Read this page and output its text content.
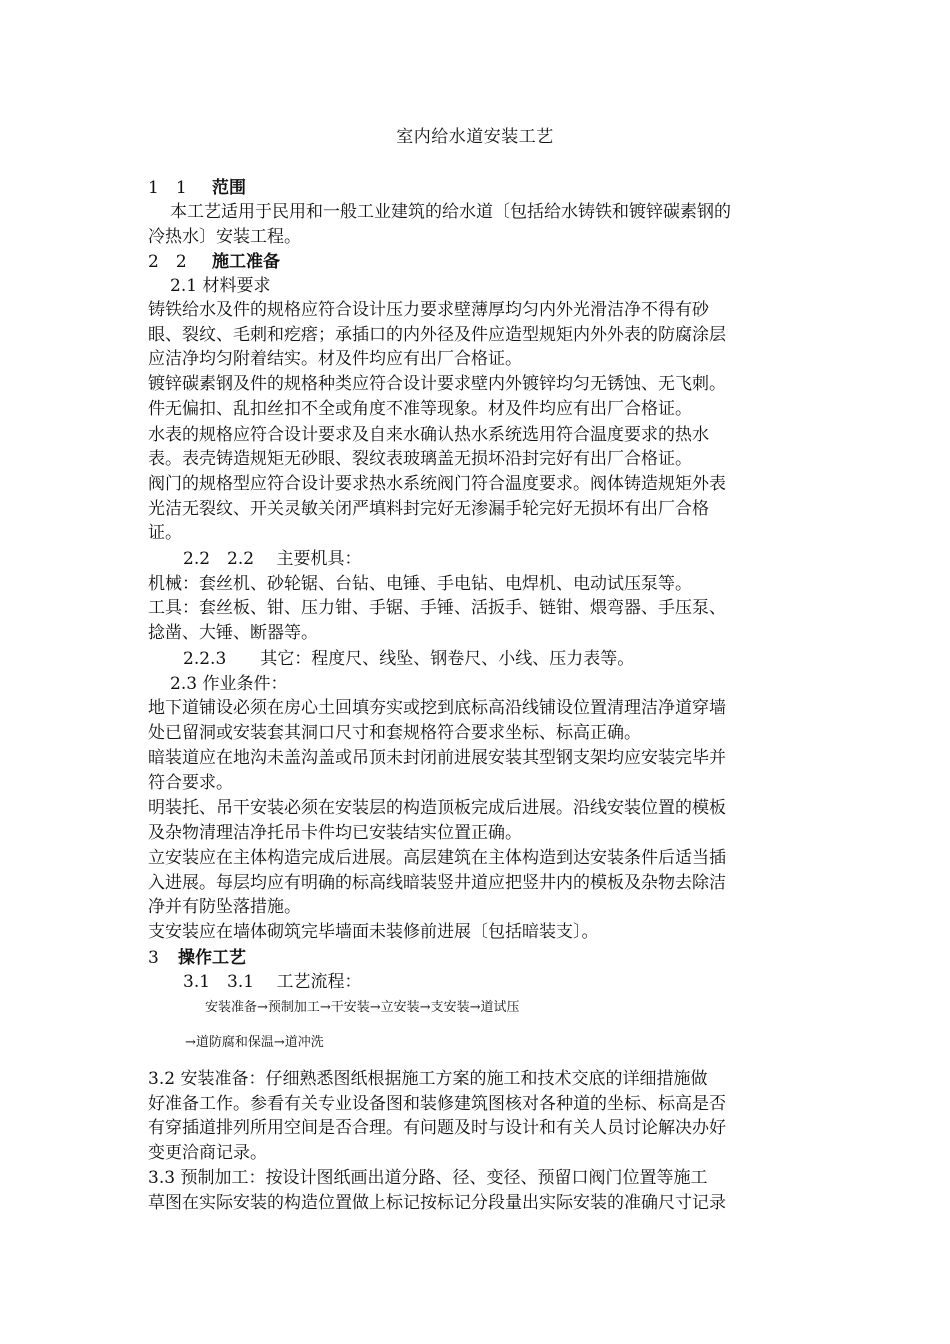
室内给水道安装工艺
1　1 范围
本工艺适用于民用和一般工业建筑的给水道〔包括给水铸铁和镀锌碳素钢的
冷热水〕安装工程。
2　2 施工准备
2.1 材料要求
铸铁给水及件的规格应符合设计压力要求壁薄厚均匀内外光滑洁净不得有砂
眼、裂纹、毛刺和疙瘩；承插口的内外径及件应造型规矩内外外表的防腐涂层
应洁净均匀附着结实。材及件均应有出厂合格证。
镀锌碳素钢及件的规格种类应符合设计要求壁内外镀锌均匀无锈蚀、无飞刺。
件无偏扣、乱扣丝扣不全或角度不准等现象。材及件均应有出厂合格证。
水表的规格应符合设计要求及自来水确认热水系统选用符合温度要求的热水
表。表壳铸造规矩无砂眼、裂纹表玻璃盖无损坏沿封完好有出厂合格证。
阀门的规格型应符合设计要求热水系统阀门符合温度要求。阀体铸造规矩外表
光洁无裂纹、开关灵敏关闭严填料封完好无渗漏手轮完好无损坏有出厂合格
证。
2.2　2.2　 主要机具：
机械：套丝机、砂轮锯、台钻、电锤、手电钻、电焊机、电动试压泵等。
工具：套丝板、钳、压力钳、手锯、手锤、活扳手、链钳、煨弯器、手压泵、
捻凿、大锤、断器等。
2.2.3　　其它：程度尺、线坠、钢卷尺、小线、压力表等。
2.3 作业条件：
地下道铺设必须在房心土回填夯实或挖到底标高沿线铺设位置清理洁净道穿墙
处已留洞或安装套其洞口尺寸和套规格符合要求坐标、标高正确。
暗装道应在地沟未盖沟盖或吊顶未封闭前进展安装其型钢支架均应安装完毕并
符合要求。
明装托、吊干安装必须在安装层的构造顶板完成后进展。沿线安装位置的模板
及杂物清理洁净托吊卡件均已安装结实位置正确。
立安装应在主体构造完成后进展。高层建筑在主体构造到达安装条件后适当插
入进展。每层均应有明确的标高线暗装竖井道应把竖井内的模板及杂物去除洁
净并有防坠落措施。
支安装应在墙体砌筑完毕墙面未装修前进展〔包括暗装支〕。
3 操作工艺
3.1　3.1　 工艺流程：
安装准备→预制加工→干安装→立安装→支安装→道试压
→道防腐和保温→道冲洗
3.2 安装准备：仔细熟悉图纸根据施工方案的施工和技术交底的详细措施做
好准备工作。参看有关专业设备图和装修建筑图核对各种道的坐标、标高是否
有穿插道排列所用空间是否合理。有问题及时与设计和有关人员讨论解决办好
变更洽商记录。
3.3 预制加工：按设计图纸画出道分路、径、变径、预留口阀门位置等施工
草图在实际安装的构造位置做上标记按标记分段量出实际安装的准确尺寸记录
